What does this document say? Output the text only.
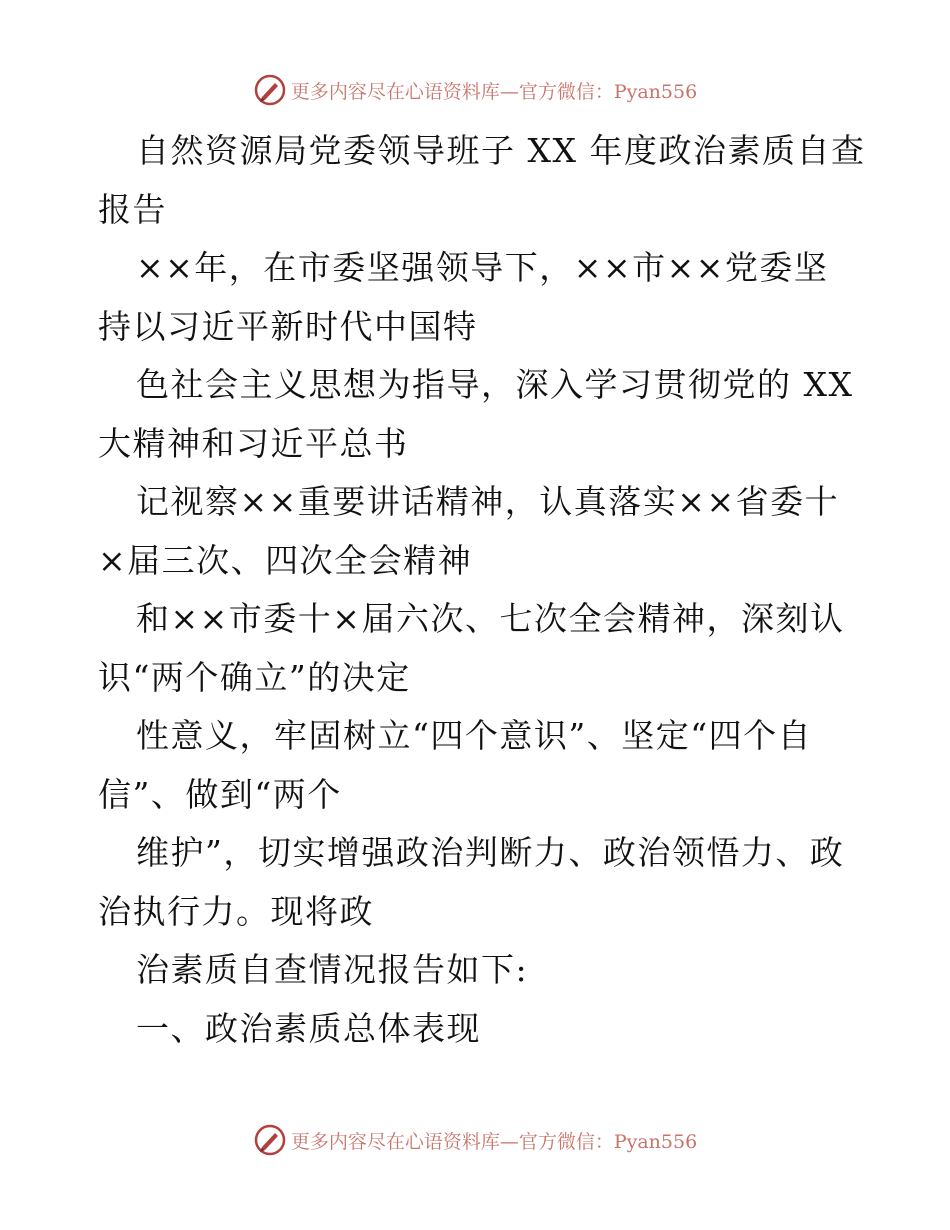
更多内容尽在心语资料库—官方微信：Pyan556
自然资源局党委领导班子 XX 年度政治素质自查
报告
××年，在市委坚强领导下，××市××党委坚
持以习近平新时代中国特
色社会主义思想为指导，深入学习贯彻党的 XX
大精神和习近平总书
记视察××重要讲话精神，认真落实××省委十
×届三次、四次全会精神
和××市委十×届六次、七次全会精神，深刻认
识“两个确立”的决定
性意义，牢固树立“四个意识”、坚定“四个自
信”、做到“两个
维护”，切实增强政治判断力、政治领悟力、政
治执行力。现将政
治素质自查情况报告如下:
一、政治素质总体表现
更多内容尽在心语资料库—官方微信：Pyan556
